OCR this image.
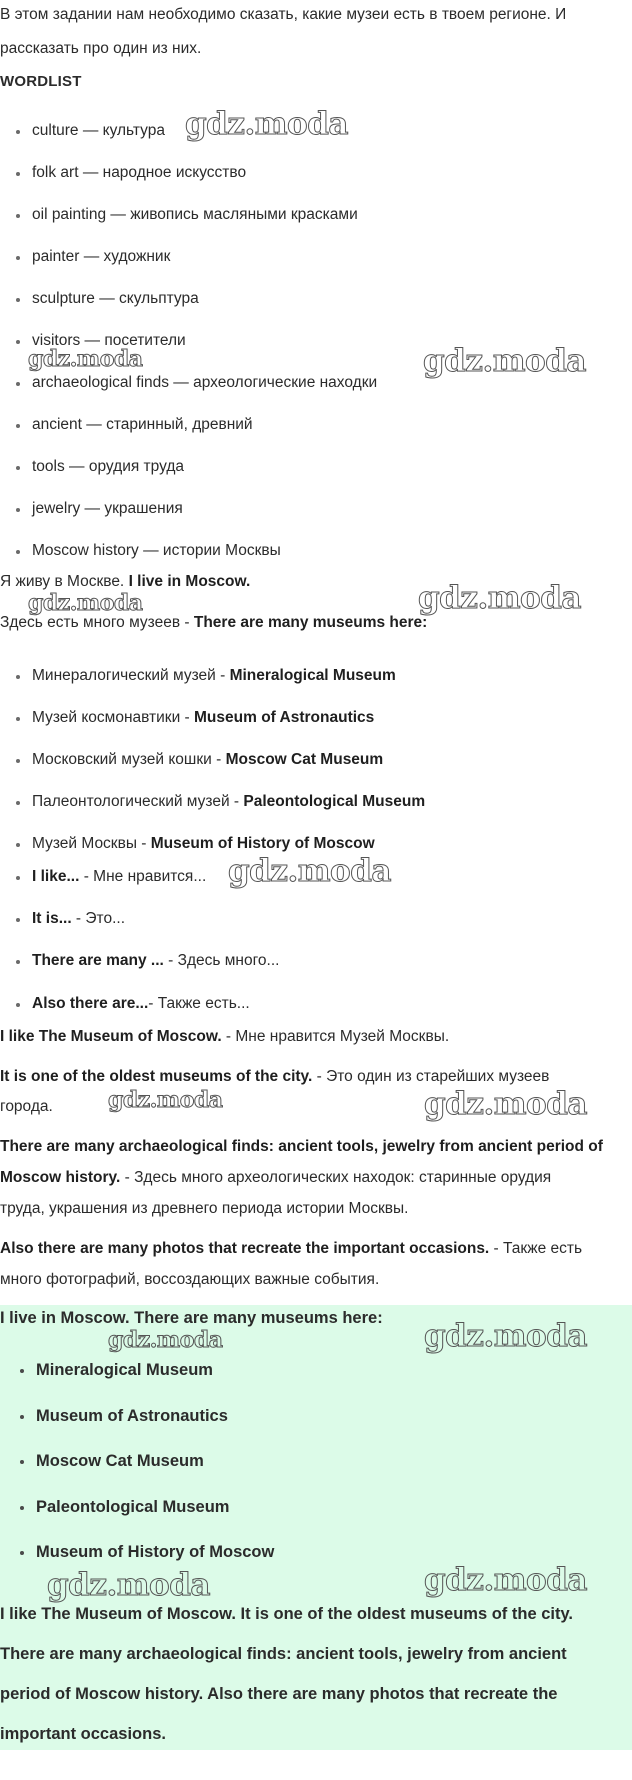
В этом задании нам необходимо сказать, какие музеи есть в твоем регионе. И
рассказать про один из них.
WORDLIST
culture — культура
folk art — народное искусство
oil painting — живопись масляными красками
painter — художник
sculpture — скульптура
visitors — посетители
archaeological finds — археологические находки
ancient — старинный, древний
tools — орудия труда
jewelry — украшения
Moscow history — истории Москвы
Я живу в Москве. I live in Moscow.
Здесь есть много музеев - There are many museums here:
Минералогический музей - Mineralogical Museum
Музей космонавтики - Museum of Astronautics
Московский музей кошки - Moscow Cat Museum
Палеонтологический музей - Paleontological Museum
Музей Москвы - Museum of History of Moscow
I like... - Мне нравится...
It is... - Это...
There are many ... - Здесь много...
Also there are...- Также есть...
I like The Museum of Moscow. - Мне нравится Музей Москвы.
It is one of the oldest museums of the city. - Это один из старейших музеев
города.
There are many archaeological finds: ancient tools, jewelry from ancient period of
Moscow history. - Здесь много археологических находок: старинные орудия
труда, украшения из древнего периода истории Москвы.
Also there are many photos that recreate the important occasions. - Также есть
много фотографий, воссоздающих важные события.
I live in Moscow. There are many museums here:
Mineralogical Museum
Museum of Astronautics
Moscow Cat Museum
Paleontological Museum
Museum of History of Moscow
I like The Museum of Moscow. It is one of the oldest museums of the city.
There are many archaeological finds: ancient tools, jewelry from ancient
period of Moscow history. Also there are many photos that recreate the
important occasions.
gdz.moda
gdz.moda	gdz.moda
gdz.moda	gdz.moda
gdz.moda
gdz.moda	gdz.moda
gdz.moda	gdz.moda
gdz.moda	gdz.moda
